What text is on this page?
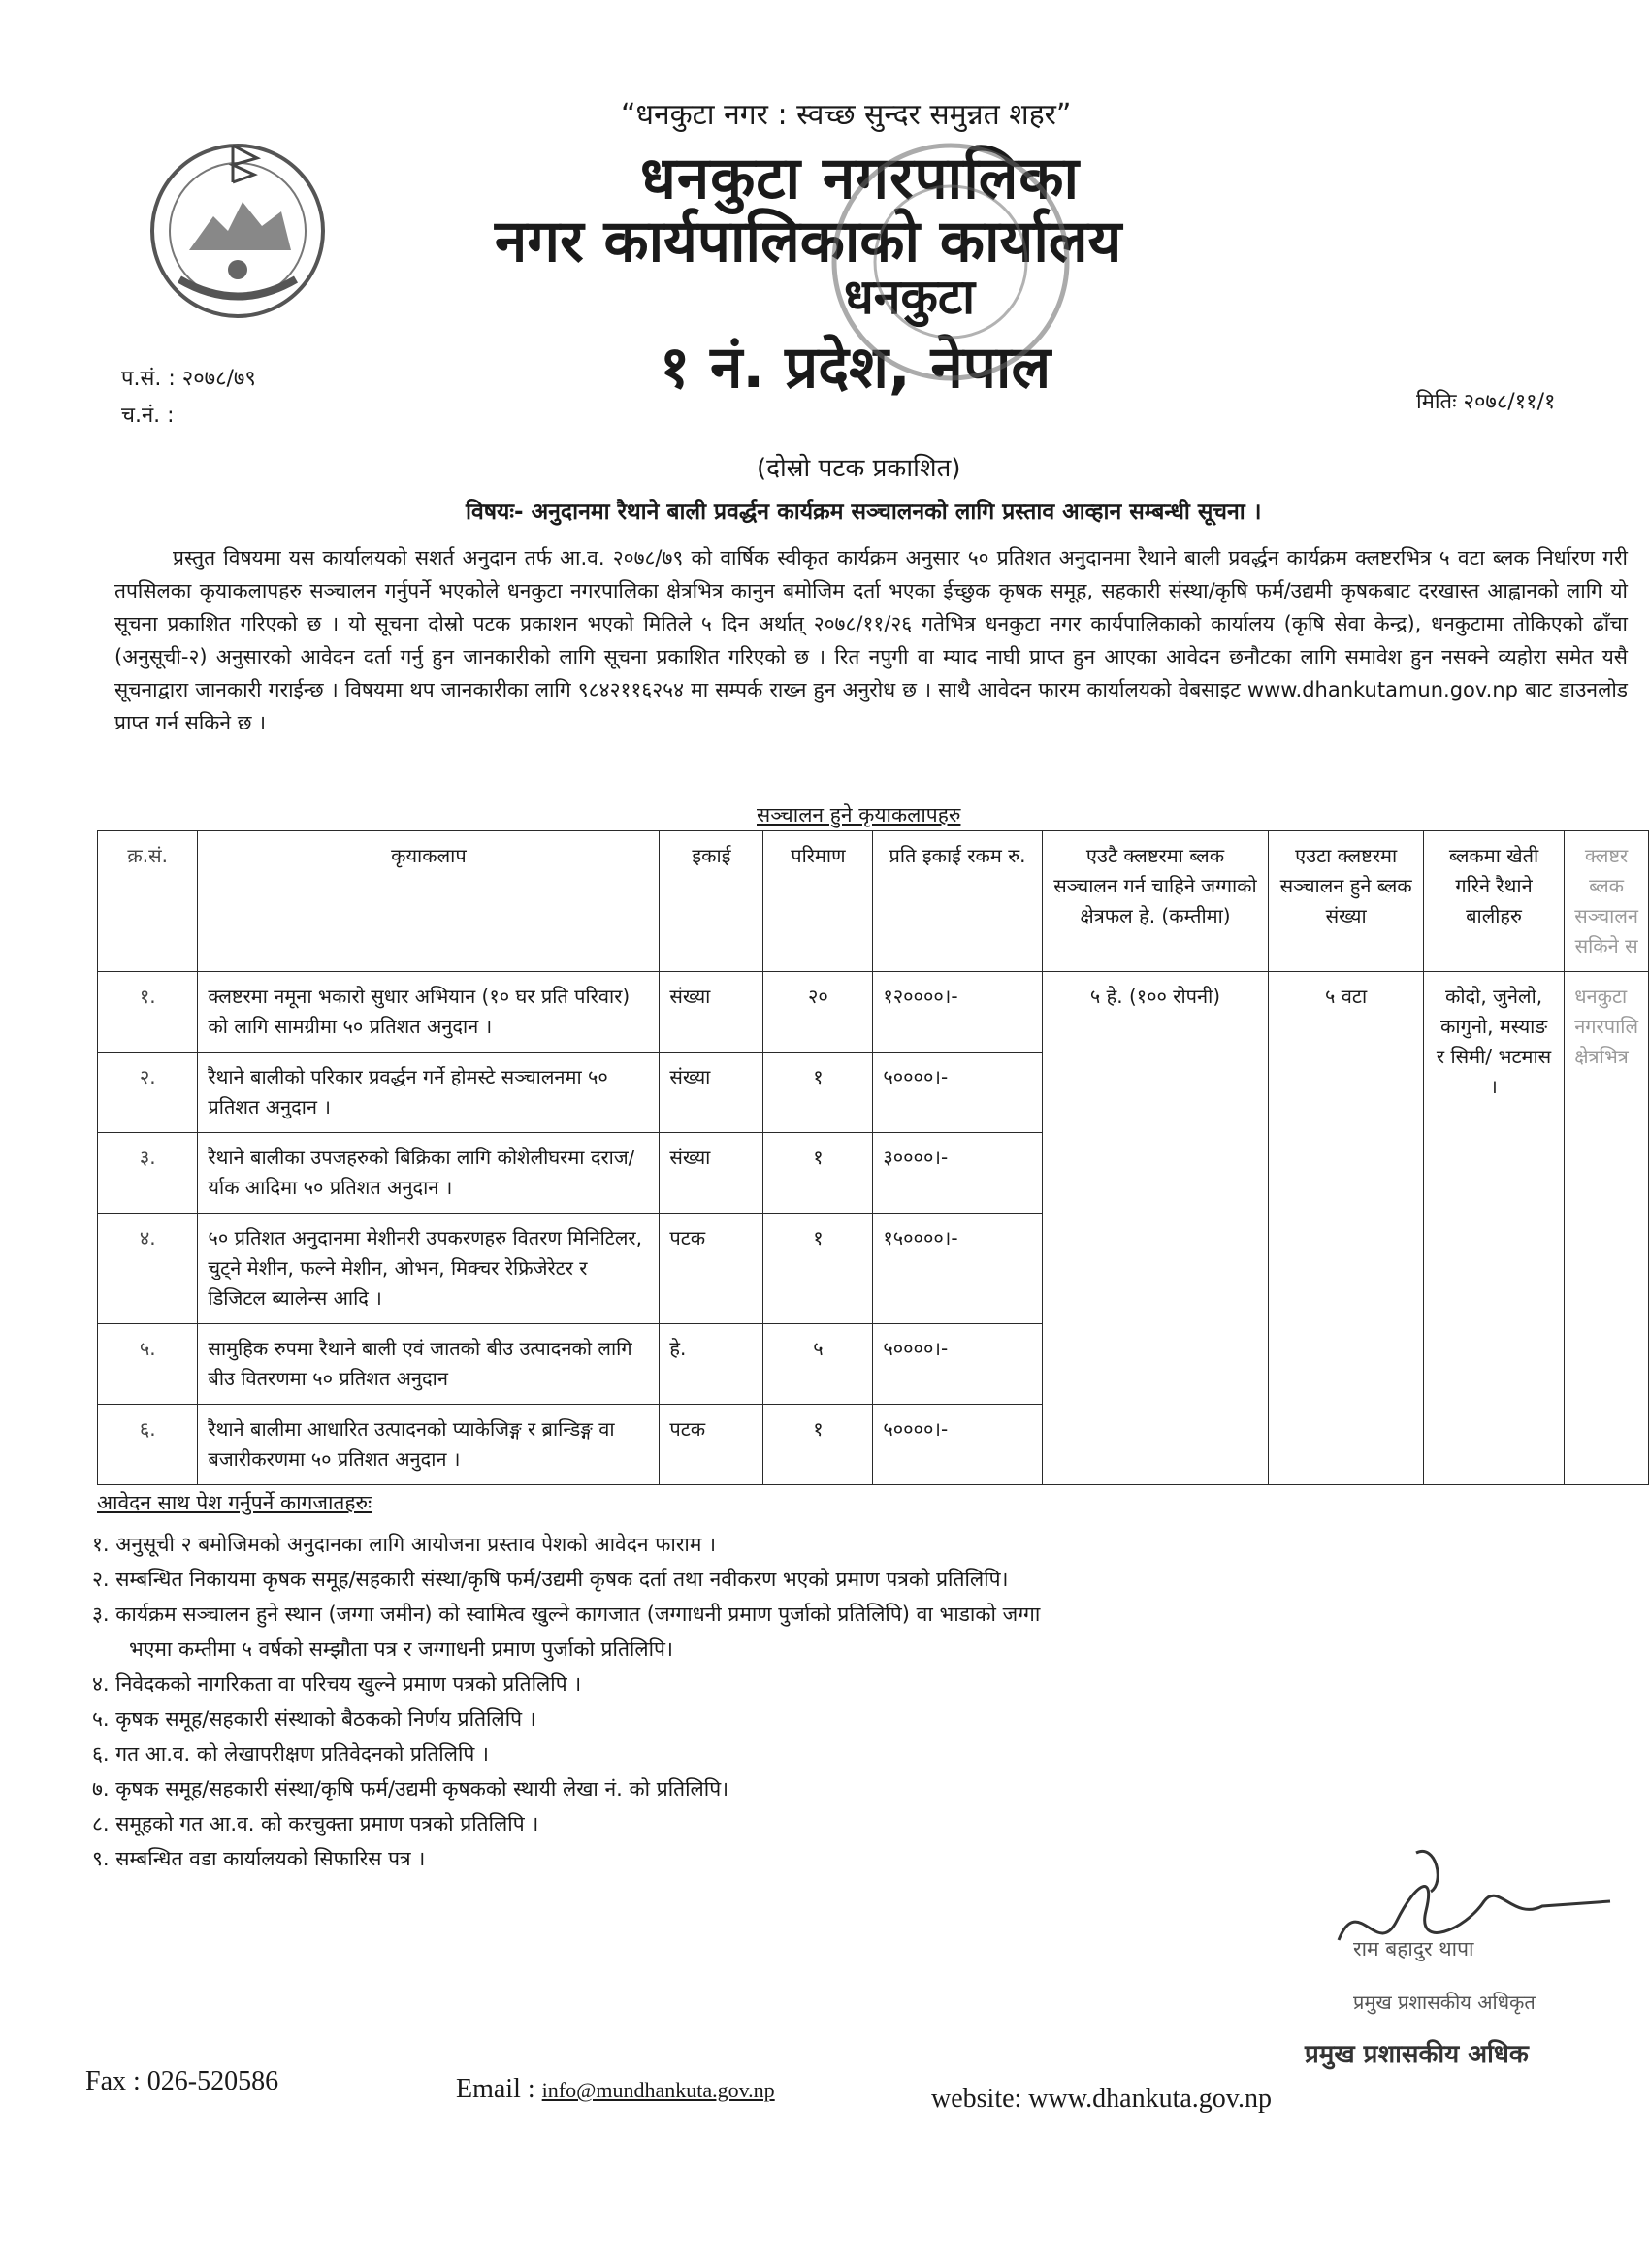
“धनकुटा नगर : स्वच्छ सुन्दर समुन्नत शहर”
धनकुटा नगरपालिका
नगर कार्यपालिकाको कार्यालय
धनकुटा
१ नं. प्रदेश, नेपाल
प.सं. : २०७८/७९
च.नं. :
मितिः २०७८/११/१
(दोस्रो पटक प्रकाशित)
विषयः- अनुदानमा रैथाने बाली प्रवर्द्धन कार्यक्रम सञ्चालनको लागि प्रस्ताव आव्हान सम्बन्धी सूचना ।
प्रस्तुत विषयमा यस कार्यालयको सशर्त अनुदान तर्फ आ.व. २०७८/७९ को वार्षिक स्वीकृत कार्यक्रम अनुसार ५० प्रतिशत अनुदानमा रैथाने बाली प्रवर्द्धन कार्यक्रम क्लष्टरभित्र ५ वटा ब्लक निर्धारण गरी तपसिलका कृयाकलापहरु सञ्चालन गर्नुपर्ने भएकोले धनकुटा नगरपालिका क्षेत्रभित्र कानुन बमोजिम दर्ता भएका ईच्छुक कृषक समूह, सहकारी संस्था/कृषि फर्म/उद्यमी कृषकबाट दरखास्त आह्वानको लागि यो सूचना प्रकाशित गरिएको छ । यो सूचना दोस्रो पटक प्रकाशन भएको मितिले ५ दिन अर्थात् २०७८/११/२६ गतेभित्र धनकुटा नगर कार्यपालिकाको कार्यालय (कृषि सेवा केन्द्र), धनकुटामा तोकिएको ढाँचा (अनुसूची-२) अनुसारको आवेदन दर्ता गर्नु हुन जानकारीको लागि सूचना प्रकाशित गरिएको छ । रित नपुगी वा म्याद नाघी प्राप्त हुन आएका आवेदन छनौटका लागि समावेश हुन नसक्ने व्यहोरा समेत यसै सूचनाद्वारा जानकारी गराईन्छ । विषयमा थप जानकारीका लागि ९८४२११६२५४ मा सम्पर्क राख्न हुन अनुरोध छ । साथै आवेदन फारम कार्यालयको वेबसाइट www.dhankutamun.gov.np बाट डाउनलोड प्राप्त गर्न सकिने छ ।
सञ्चालन हुने कृयाकलापहरु
क्र.सं.	कृयाकलाप	इकाई	परिमाण	प्रति इकाई रकम रु.	एउटै क्लष्टरमा ब्लक सञ्चालन गर्न चाहिने जग्गाको क्षेत्रफल हे. (कम्तीमा)	एउटा क्लष्टरमा सञ्चालन हुने ब्लक संख्या	ब्लकमा खेती गरिने रैथाने बालीहरु	क्लष्टर ब्लक सञ्चालन सकिने स
१.	क्लष्टरमा नमूना भकारो सुधार अभियान (१० घर प्रति परिवार) को लागि सामग्रीमा ५० प्रतिशत अनुदान ।	संख्या	२०	१२००००।-	५ हे. (१०० रोपनी)	५ वटा	कोदो, जुनेलो, कागुनो, मस्याङ र सिमी/ भटमास ।	धनकुटा नगरपालि क्षेत्रभित्र
२.	रैथाने बालीको परिकार प्रवर्द्धन गर्ने होमस्टे सञ्चालनमा ५० प्रतिशत अनुदान ।	संख्या	१	५००००।-				
३.	रैथाने बालीका उपजहरुको बिक्रिका लागि कोशेलीघरमा दराज/र्याक आदिमा ५० प्रतिशत अनुदान ।	संख्या	१	३००००।-				
४.	५० प्रतिशत अनुदानमा मेशीनरी उपकरणहरु वितरण मिनिटिलर, चुट्ने मेशीन, फल्ने मेशीन, ओभन, मिक्चर रेफ्रिजेरेटर र डिजिटल ब्यालेन्स आदि ।	पटक	१	१५००००।-				
५.	सामुहिक रुपमा रैथाने बाली एवं जातको बीउ उत्पादनको लागि बीउ वितरणमा ५० प्रतिशत अनुदान	हे.	५	५००००।-				
६.	रैथाने बालीमा आधारित उत्पादनको प्याकेजिङ्ग र ब्रान्डिङ्ग वा बजारीकरणमा ५० प्रतिशत अनुदान ।	पटक	१	५००००।-				
आवेदन साथ पेश गर्नुपर्ने कागजातहरुः
१. अनुसूची २ बमोजिमको अनुदानका लागि आयोजना प्रस्ताव पेशको आवेदन फाराम ।
२. सम्बन्धित निकायमा कृषक समूह/सहकारी संस्था/कृषि फर्म/उद्यमी कृषक दर्ता तथा नवीकरण भएको प्रमाण पत्रको प्रतिलिपि।
३. कार्यक्रम सञ्चालन हुने स्थान (जग्गा जमीन) को स्वामित्व खुल्ने कागजात (जग्गाधनी प्रमाण पुर्जाको प्रतिलिपि) वा भाडाको जग्गा
भएमा कम्तीमा ५ वर्षको सम्झौता पत्र र जग्गाधनी प्रमाण पुर्जाको प्रतिलिपि।
४. निवेदकको नागरिकता वा परिचय खुल्ने प्रमाण पत्रको प्रतिलिपि ।
५. कृषक समूह/सहकारी संस्थाको बैठकको निर्णय प्रतिलिपि ।
६. गत आ.व. को लेखापरीक्षण प्रतिवेदनको प्रतिलिपि ।
७. कृषक समूह/सहकारी संस्था/कृषि फर्म/उद्यमी कृषकको स्थायी लेखा नं. को प्रतिलिपि।
८. समूहको गत आ.व. को करचुक्ता प्रमाण पत्रको प्रतिलिपि ।
९. सम्बन्धित वडा कार्यालयको सिफारिस पत्र ।
राम बहादुर थापा
प्रमुख प्रशासकीय अधिकृत
प्रमुख प्रशासकीय अधिक
Fax : 026-520586	Email : info@mundhankuta.gov.np	website: www.dhankuta.gov.np
